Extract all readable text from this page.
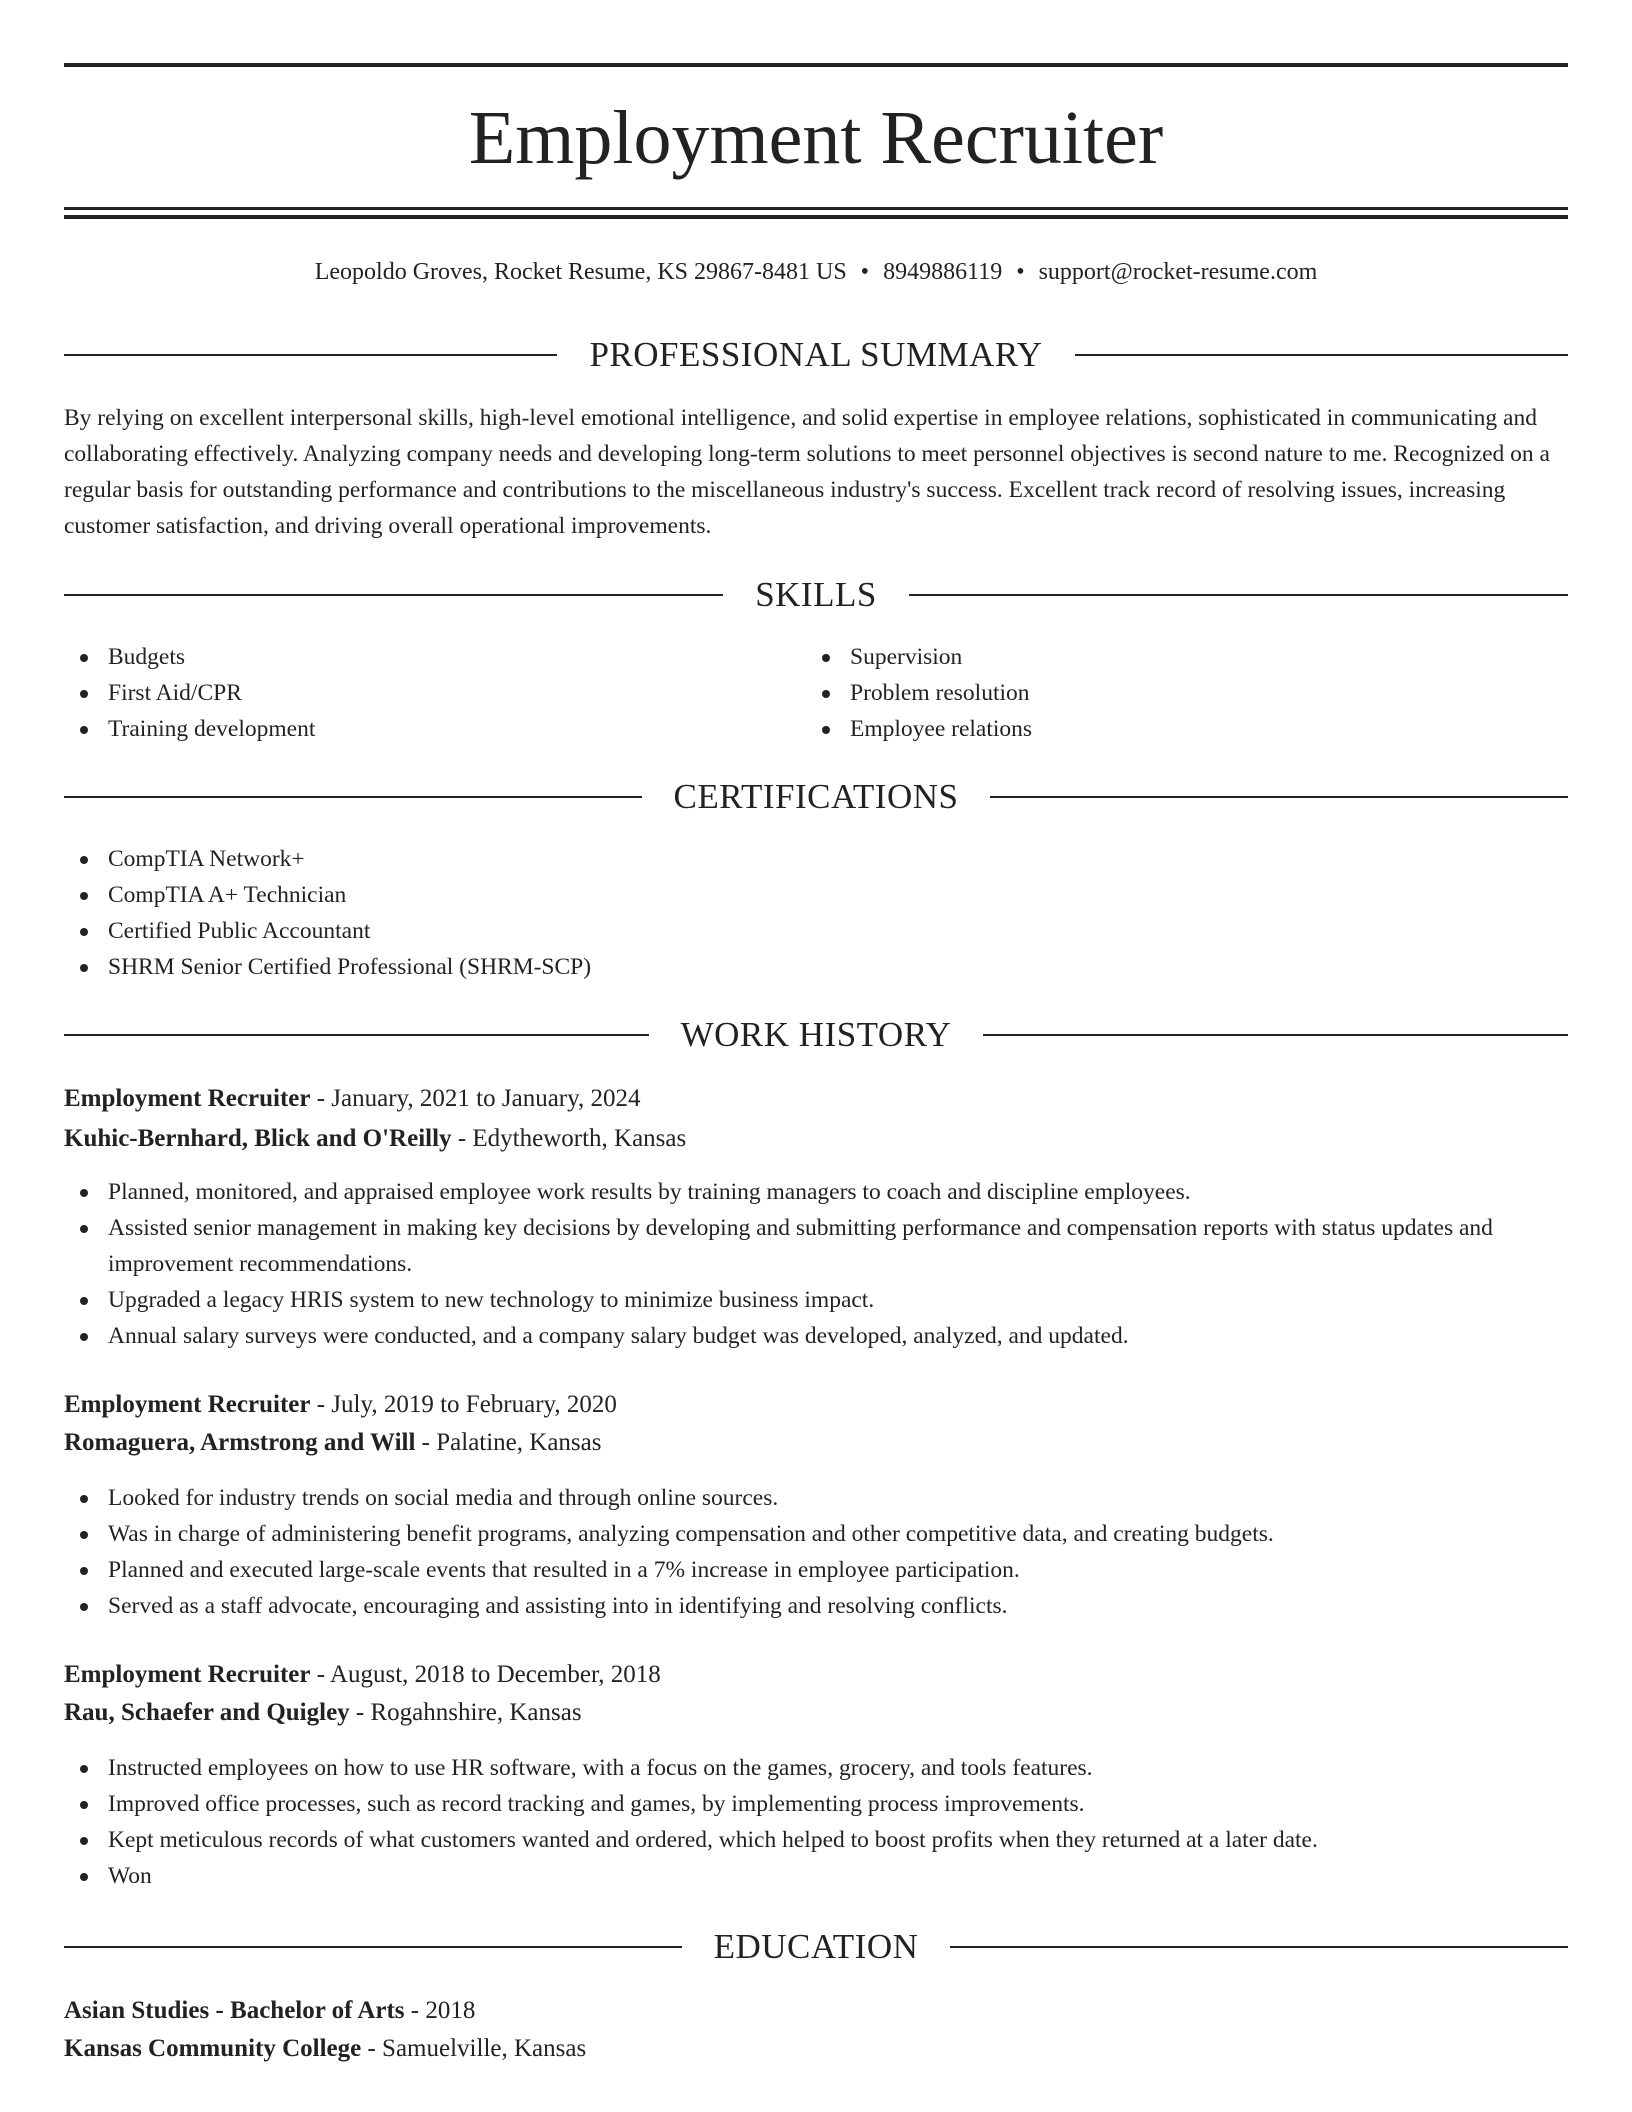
Employment Recruiter
Leopoldo Groves, Rocket Resume, KS 29867-8481 US • 8949886119 • support@rocket-resume.com
PROFESSIONAL SUMMARY
By relying on excellent interpersonal skills, high-level emotional intelligence, and solid expertise in employee relations, sophisticated in communicating and collaborating effectively. Analyzing company needs and developing long-term solutions to meet personnel objectives is second nature to me. Recognized on a regular basis for outstanding performance and contributions to the miscellaneous industry's success. Excellent track record of resolving issues, increasing customer satisfaction, and driving overall operational improvements.
SKILLS
Budgets
First Aid/CPR
Training development
Supervision
Problem resolution
Employee relations
CERTIFICATIONS
CompTIA Network+
CompTIA A+ Technician
Certified Public Accountant
SHRM Senior Certified Professional (SHRM-SCP)
WORK HISTORY
Employment Recruiter - January, 2021 to January, 2024
Kuhic-Bernhard, Blick and O'Reilly - Edytheworth, Kansas
Planned, monitored, and appraised employee work results by training managers to coach and discipline employees.
Assisted senior management in making key decisions by developing and submitting performance and compensation reports with status updates and improvement recommendations.
Upgraded a legacy HRIS system to new technology to minimize business impact.
Annual salary surveys were conducted, and a company salary budget was developed, analyzed, and updated.
Employment Recruiter - July, 2019 to February, 2020
Romaguera, Armstrong and Will - Palatine, Kansas
Looked for industry trends on social media and through online sources.
Was in charge of administering benefit programs, analyzing compensation and other competitive data, and creating budgets.
Planned and executed large-scale events that resulted in a 7% increase in employee participation.
Served as a staff advocate, encouraging and assisting into in identifying and resolving conflicts.
Employment Recruiter - August, 2018 to December, 2018
Rau, Schaefer and Quigley - Rogahnshire, Kansas
Instructed employees on how to use HR software, with a focus on the games, grocery, and tools features.
Improved office processes, such as record tracking and games, by implementing process improvements.
Kept meticulous records of what customers wanted and ordered, which helped to boost profits when they returned at a later date.
Won
EDUCATION
Asian Studies - Bachelor of Arts - 2018
Kansas Community College - Samuelville, Kansas
